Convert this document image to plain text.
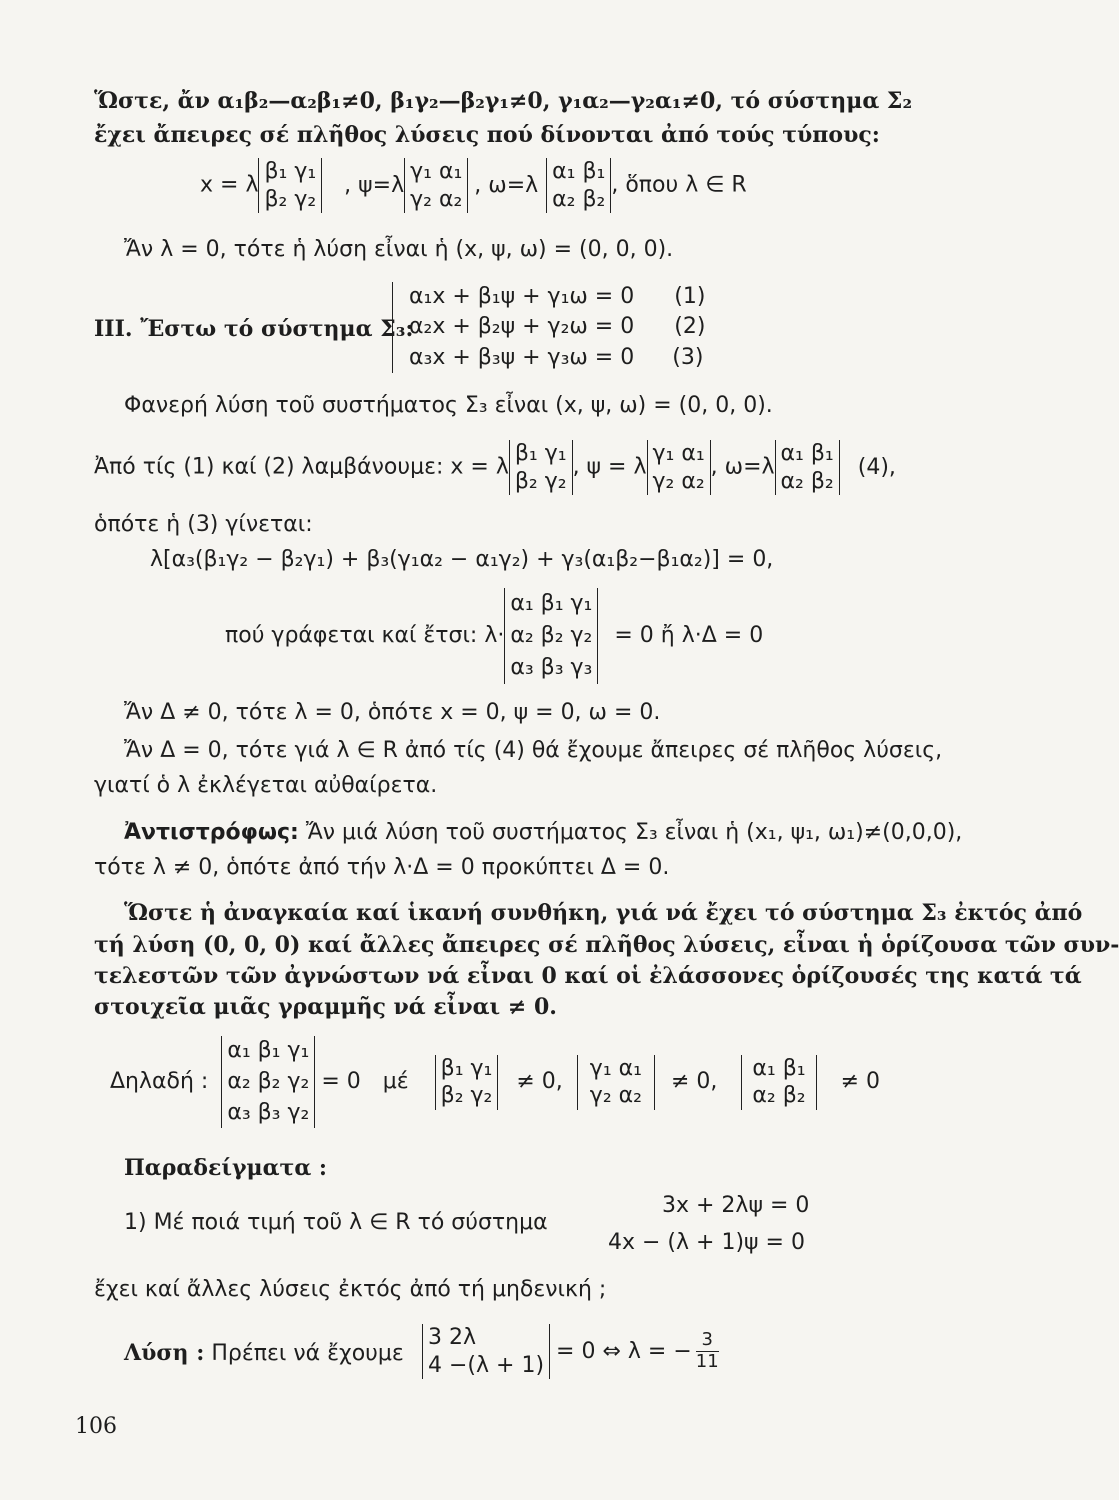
Ὥστε, ἄν α₁β₂—α₂β₁≠0, β₁γ₂—β₂γ₁≠0, γ₁α₂—γ₂α₁≠0, τό σύστημα Σ₂
ἔχει ἄπειρες σέ πλῆθος λύσεις πού δίνονται ἀπό τούς τύπους:
x = λ
β₁ γ₁
β₂ γ₂
, ψ=λ
γ₁ α₁
γ₂ α₂
, ω=λ
α₁ β₁
α₂ β₂
, ὅπου λ ∈ R
Ἄν λ = 0, τότε ἡ λύση εἶναι ἡ (x, ψ, ω) = (0, 0, 0).
ΙΙΙ. Ἔστω τό σύστημα Σ₃:
α₁x + β₁ψ + γ₁ω = 0 (1)
α₂x + β₂ψ + γ₂ω = 0 (2)
α₃x + β₃ψ + γ₃ω = 0 (3)
Φανερή λύση τοῦ συστήματος Σ₃ εἶναι (x, ψ, ω) = (0, 0, 0).
Ἀπό τίς (1) καί (2) λαμβάνουμε: x = λ
β₁ γ₁
β₂ γ₂
, ψ = λ
γ₁ α₁
γ₂ α₂
, ω=λ
α₁ β₁
α₂ β₂
(4),
ὁπότε ἡ (3) γίνεται:
λ[α₃(β₁γ₂ − β₂γ₁) + β₃(γ₁α₂ − α₁γ₂) + γ₃(α₁β₂−β₁α₂)] = 0,
πού γράφεται καί ἔτσι: λ·
α₁ β₁ γ₁
α₂ β₂ γ₂
α₃ β₃ γ₃
= 0 ἤ λ·Δ = 0
Ἄν Δ ≠ 0, τότε λ = 0, ὁπότε x = 0, ψ = 0, ω = 0.
Ἄν Δ = 0, τότε γιά λ ∈ R ἀπό τίς (4) θά ἔχουμε ἄπειρες σέ πλῆθος λύσεις,
γιατί ὁ λ ἐκλέγεται αὐθαίρετα.
Ἀντιστρόφως: Ἄν μιά λύση τοῦ συστήματος Σ₃ εἶναι ἡ (x₁, ψ₁, ω₁)≠(0,0,0),
τότε λ ≠ 0, ὁπότε ἀπό τήν λ·Δ = 0 προκύπτει Δ = 0.
Ὥστε ἡ ἀναγκαία καί ἱκανή συνθήκη, γιά νά ἔχει τό σύστημα Σ₃ ἐκτός ἀπό
τή λύση (0, 0, 0) καί ἄλλες ἄπειρες σέ πλῆθος λύσεις, εἶναι ἡ ὁρίζουσα τῶν συν-
τελεστῶν τῶν ἀγνώστων νά εἶναι 0 καί οἱ ἐλάσσονες ὁρίζουσές της κατά τά
στοιχεῖα μιᾶς γραμμῆς νά εἶναι ≠ 0.
Δηλαδή :
α₁ β₁ γ₁
α₂ β₂ γ₂
α₃ β₃ γ₂
= 0 μέ
β₁ γ₁
β₂ γ₂
≠ 0,
γ₁ α₁
γ₂ α₂
≠ 0,
α₁ β₁
α₂ β₂
≠ 0
Παραδείγματα :
1) Μέ ποιά τιμή τοῦ λ ∈ R τό σύστημα
3x + 2λψ = 0
4x − (λ + 1)ψ = 0
ἔχει καί ἄλλες λύσεις ἐκτός ἀπό τή μηδενική ;
Λύση : Πρέπει νά ἔχουμε
3 2λ
4 −(λ + 1)
= 0 ⇔ λ = − $\frac{3}{11}$
106
